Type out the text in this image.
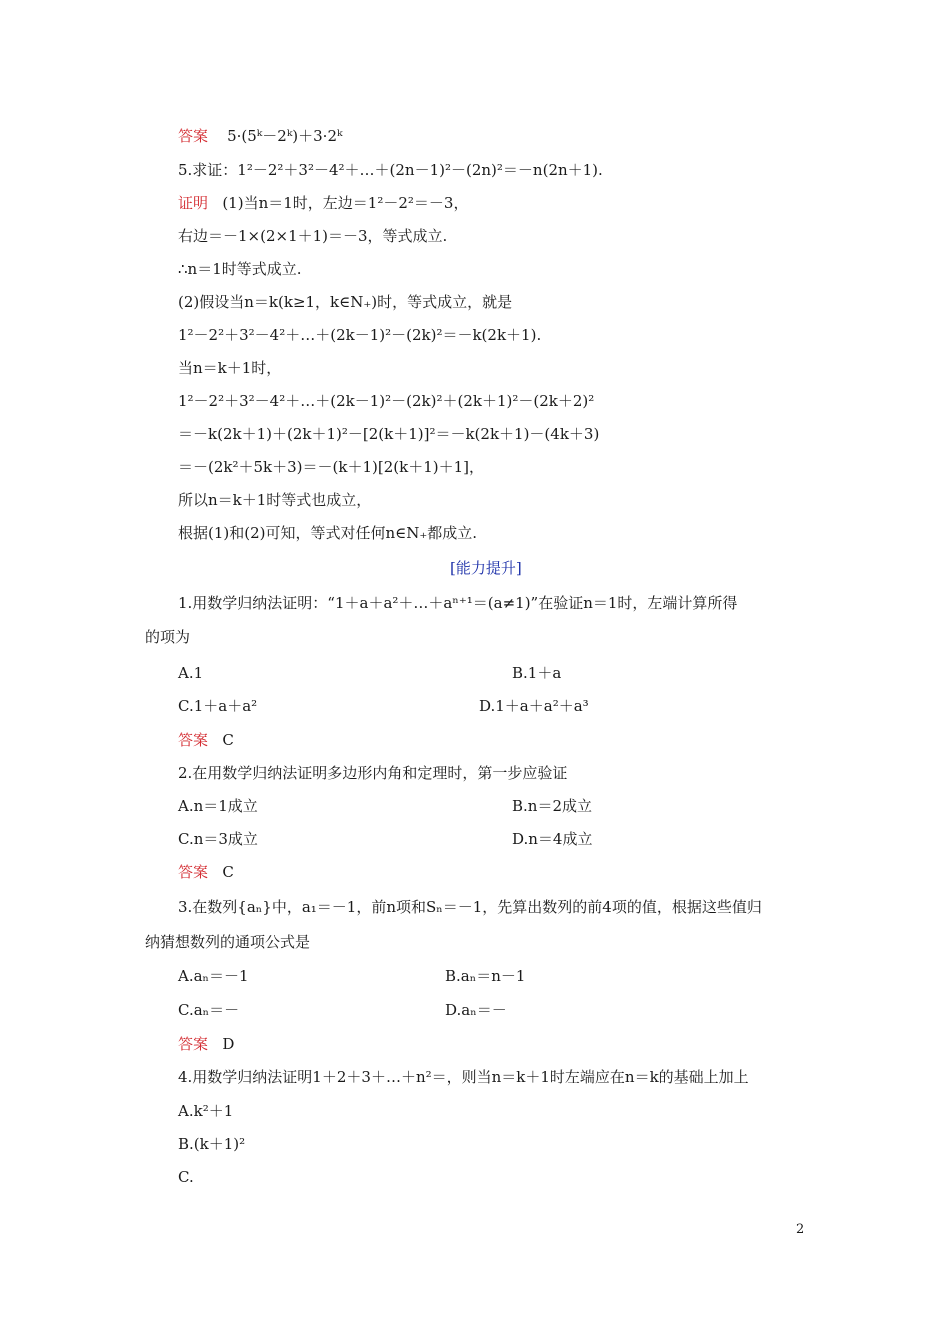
答案 5·(5ᵏ－2ᵏ)＋3·2ᵏ
5.求证：1²－2²＋3²－4²＋…＋(2n－1)²－(2n)²＝－n(2n＋1).
证明 (1)当n＝1时，左边＝1²－2²＝－3，
右边＝－1×(2×1＋1)＝－3，等式成立.
∴n＝1时等式成立.
(2)假设当n＝k(k≥1，k∈N₊)时，等式成立，就是
1²－2²＋3²－4²＋…＋(2k－1)²－(2k)²＝－k(2k＋1).
当n＝k＋1时，
1²－2²＋3²－4²＋…＋(2k－1)²－(2k)²＋(2k＋1)²－(2k＋2)²
＝－k(2k＋1)＋(2k＋1)²－[2(k＋1)]²＝－k(2k＋1)－(4k＋3)
＝－(2k²＋5k＋3)＝－(k＋1)[2(k＋1)＋1]，
所以n＝k＋1时等式也成立，
根据(1)和(2)可知，等式对任何n∈N₊都成立.
[能力提升]
1.用数学归纳法证明：“1＋a＋a²＋…＋aⁿ⁺¹＝(a≠1)”在验证n＝1时，左端计算所得
的项为
A.1	B.1＋a
C.1＋a＋a²	D.1＋a＋a²＋a³
答案 C
2.在用数学归纳法证明多边形内角和定理时，第一步应验证
A.n＝1成立	B.n＝2成立
C.n＝3成立	D.n＝4成立
答案 C
3.在数列{aₙ}中，a₁＝－1，前n项和Sₙ＝－1，先算出数列的前4项的值，根据这些值归
纳猜想数列的通项公式是
A.aₙ＝－1	B.aₙ＝n－1
C.aₙ＝－	D.aₙ＝－
答案 D
4.用数学归纳法证明1＋2＋3＋…＋n²＝，则当n＝k＋1时左端应在n＝k的基础上加上
A.k²＋1
B.(k＋1)²
C.
2
